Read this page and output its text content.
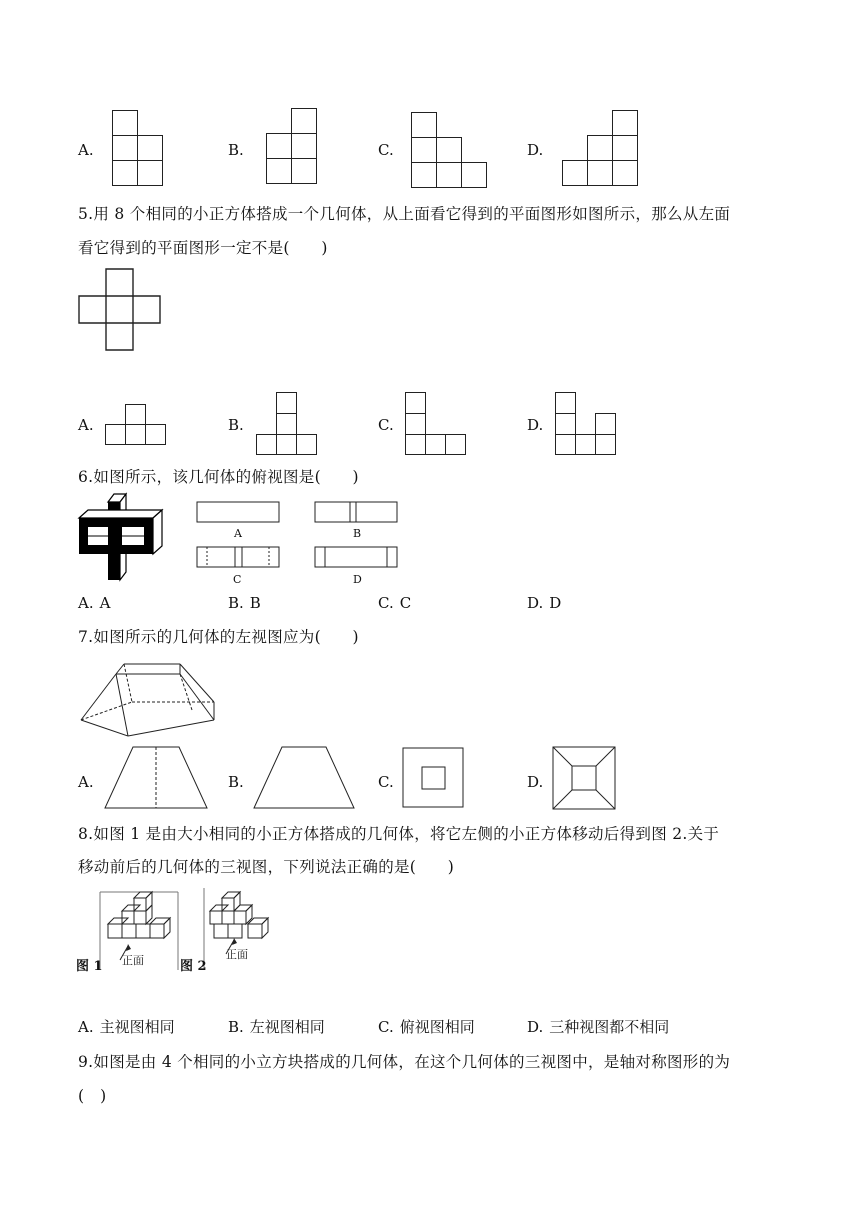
A.	B.	C.	D.
5.用 8 个相同的小正方体搭成一个几何体，从上面看它得到的平面图形如图所示，那么从左面
看它得到的平面图形一定不是(　　)
A.	B.	C.	D.
6.如图所示，该几何体的俯视图是(　　)
A	B
C	D
A. A	B. B	C. C	D. D
7.如图所示的几何体的左视图应为(　　)
A.	B.	C.	D.
8.如图 1 是由大小相同的小正方体搭成的几何体，将它左侧的小正方体移动后得到图 2.关于
移动前后的几何体的三视图，下列说法正确的是(　　)
正面
图 1
正面
图 2
A. 主视图相同	B. 左视图相同	C. 俯视图相同	D. 三种视图都不相同
9.如图是由 4 个相同的小立方块搭成的几何体，在这个几何体的三视图中，是轴对称图形的为
(　)
